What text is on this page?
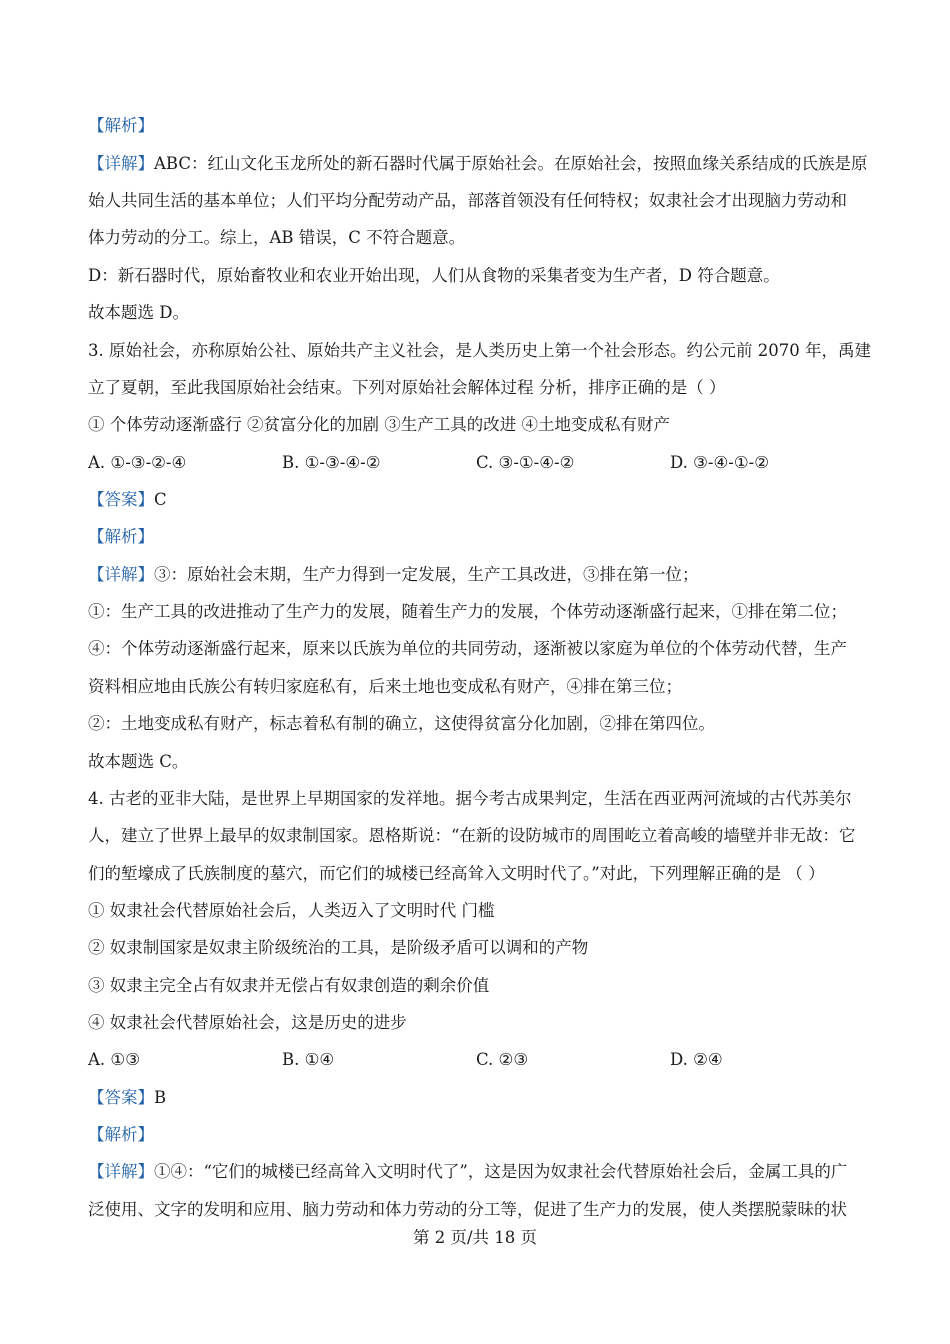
【解析】
【详解】ABC：红山文化玉龙所处的新石器时代属于原始社会。在原始社会，按照血缘关系结成的氏族是原
始人共同生活的基本单位；人们平均分配劳动产品，部落首领没有任何特权；奴隶社会才出现脑力劳动和
体力劳动的分工。综上，AB 错误，C 不符合题意。
D：新石器时代，原始畜牧业和农业开始出现，人们从食物的采集者变为生产者，D 符合题意。
故本题选 D。
3. 原始社会，亦称原始公社、原始共产主义社会，是人类历史上第一个社会形态。约公元前 2070 年，禹建
立了夏朝，至此我国原始社会结束。下列对原始社会解体过程 分析，排序正确的是（ ）
① 个体劳动逐渐盛行 ②贫富分化的加剧 ③生产工具的改进 ④土地变成私有财产
A. ①-③-②-④	B. ①-③-④-②	C. ③-①-④-②	D. ③-④-①-②
【答案】C
【解析】
【详解】③：原始社会末期，生产力得到一定发展，生产工具改进，③排在第一位；
①：生产工具的改进推动了生产力的发展，随着生产力的发展，个体劳动逐渐盛行起来，①排在第二位；
④：个体劳动逐渐盛行起来，原来以氏族为单位的共同劳动，逐渐被以家庭为单位的个体劳动代替，生产
资料相应地由氏族公有转归家庭私有，后来土地也变成私有财产，④排在第三位；
②：土地变成私有财产，标志着私有制的确立，这使得贫富分化加剧，②排在第四位。
故本题选 C。
4. 古老的亚非大陆，是世界上早期国家的发祥地。据今考古成果判定，生活在西亚两河流域的古代苏美尔
人，建立了世界上最早的奴隶制国家。恩格斯说：“在新的设防城市的周围屹立着高峻的墙壁并非无故：它
们的堑壕成了氏族制度的墓穴，而它们的城楼已经高耸入文明时代了。”对此，下列理解正确的是 （ ）
① 奴隶社会代替原始社会后，人类迈入了文明时代 门槛
② 奴隶制国家是奴隶主阶级统治的工具，是阶级矛盾可以调和的产物
③ 奴隶主完全占有奴隶并无偿占有奴隶创造的剩余价值
④ 奴隶社会代替原始社会，这是历史的进步
A. ①③	B. ①④	C. ②③	D. ②④
【答案】B
【解析】
【详解】①④：“它们的城楼已经高耸入文明时代了”，这是因为奴隶社会代替原始社会后，金属工具的广
泛使用、文字的发明和应用、脑力劳动和体力劳动的分工等，促进了生产力的发展，使人类摆脱蒙昧的状
第 2 页/共 18 页
